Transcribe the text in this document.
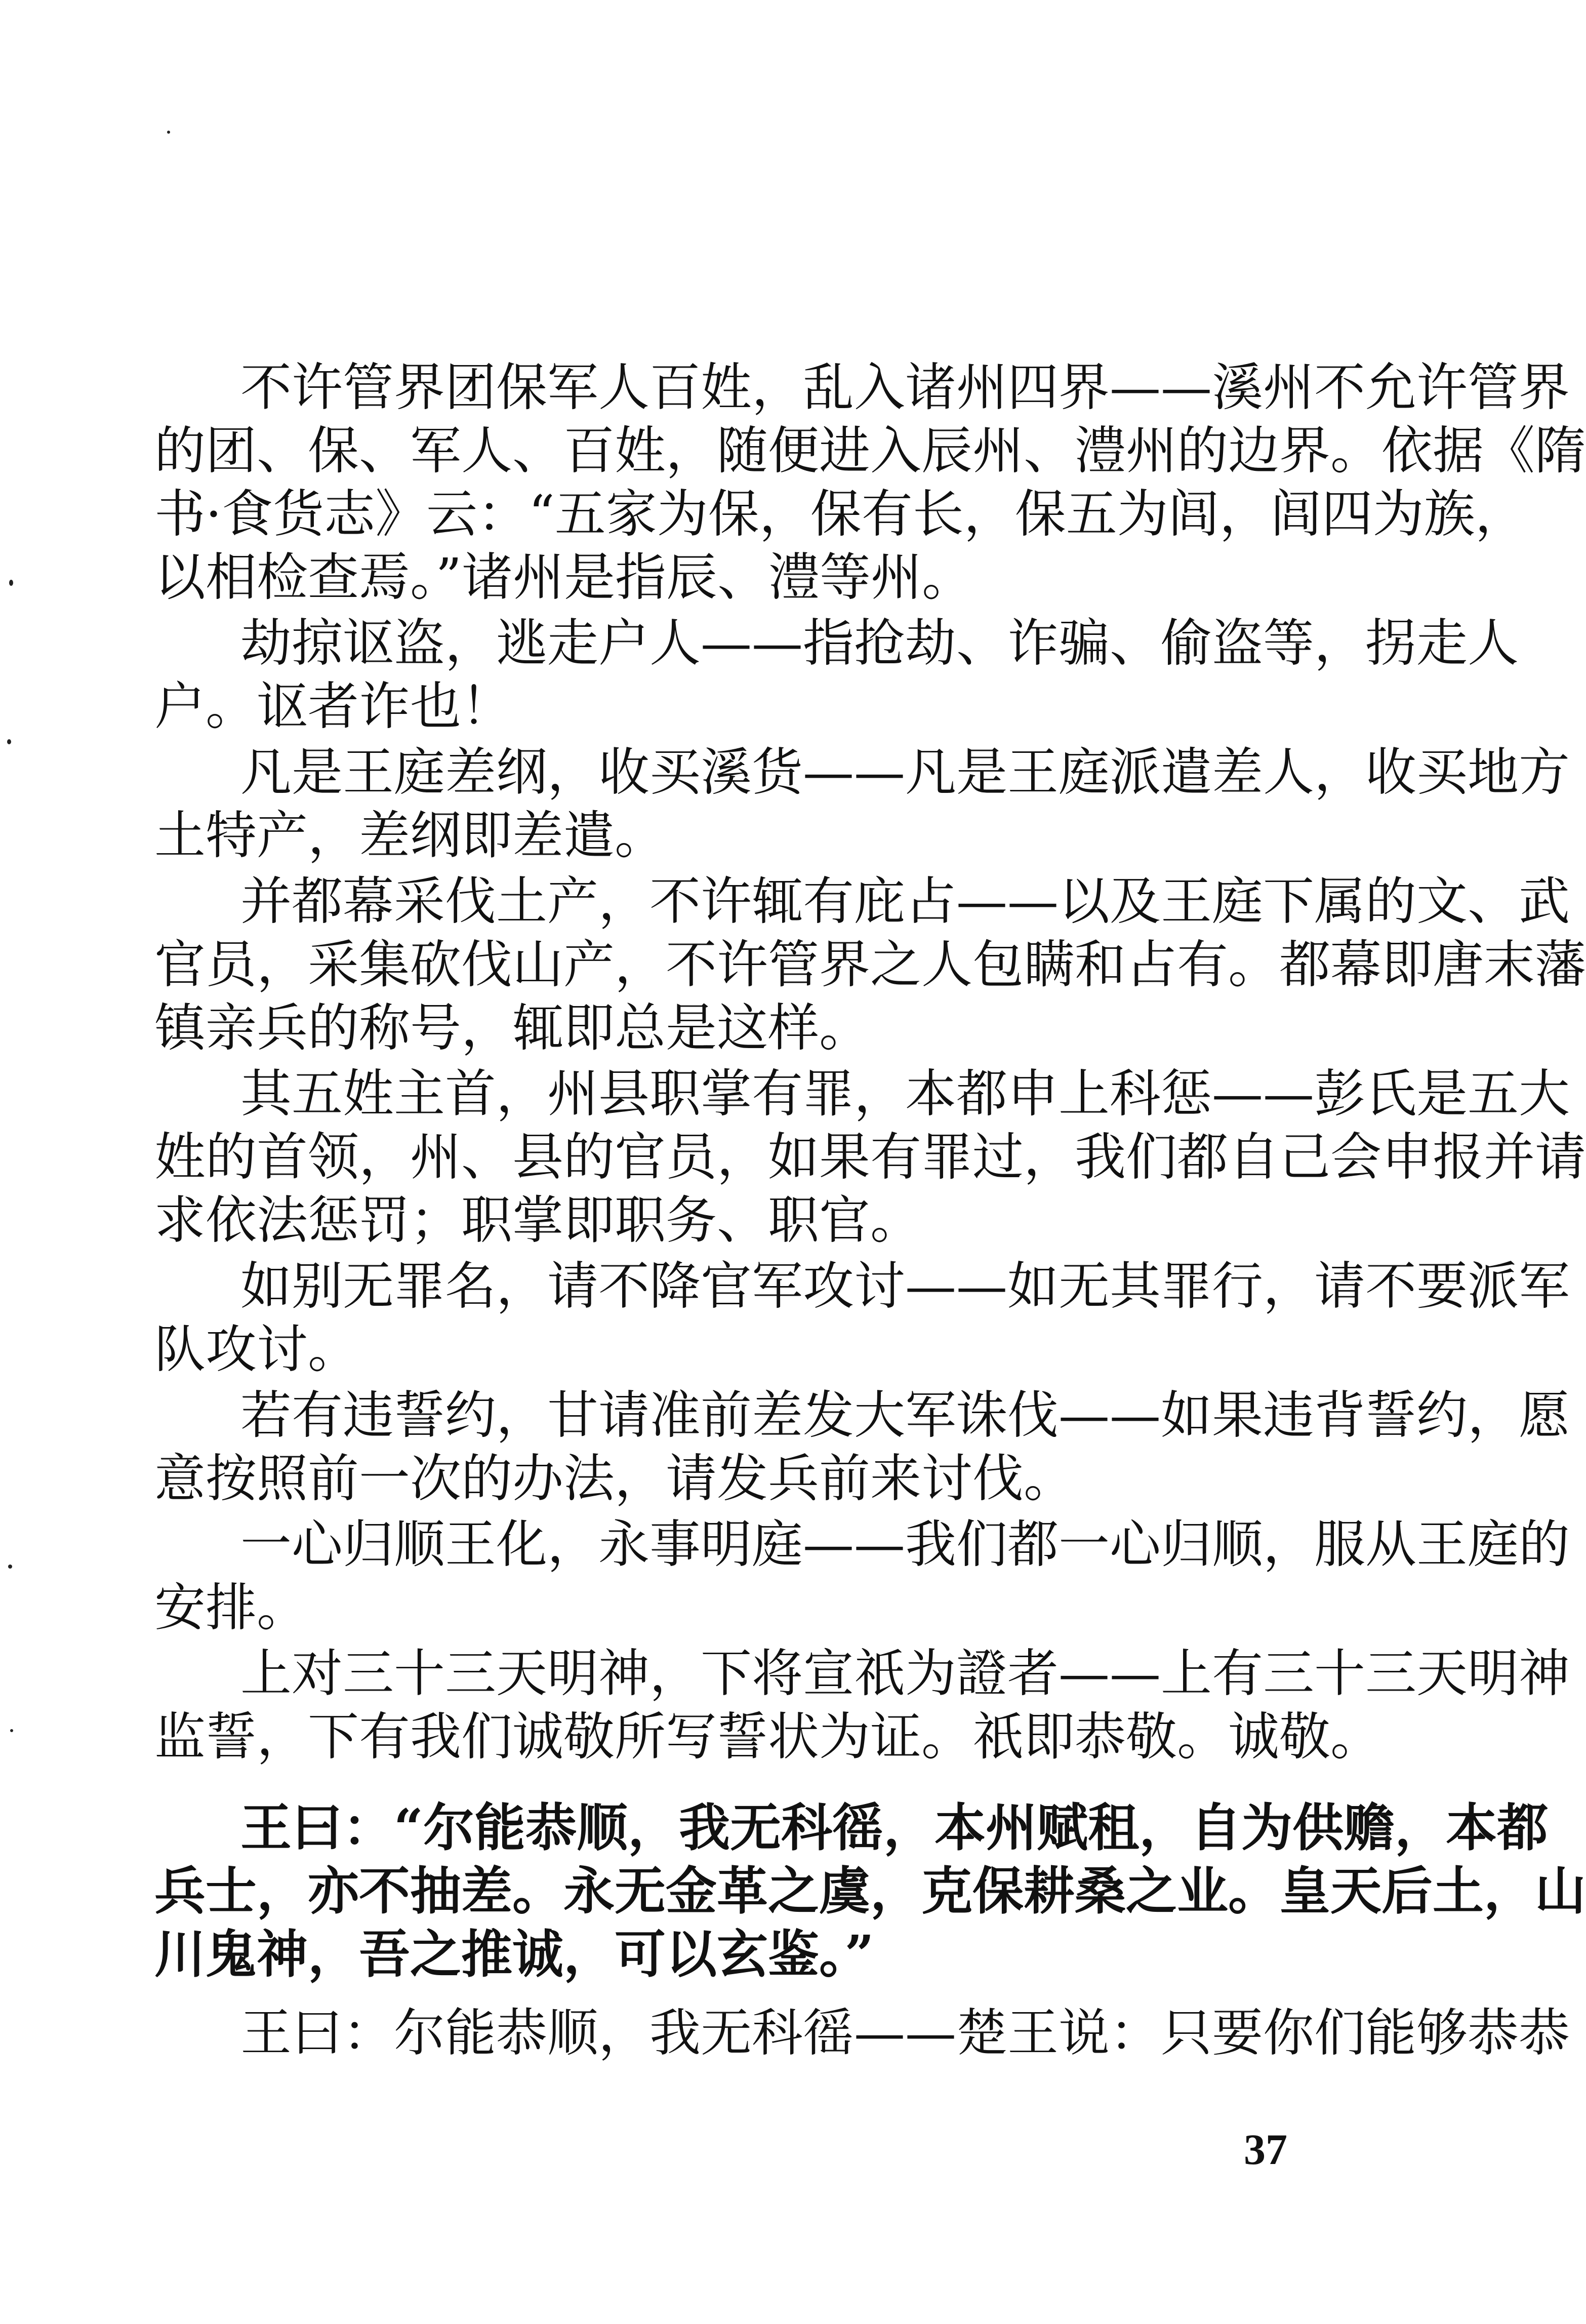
不许管界团保军人百姓，乱入诸州四界——溪州不允许管界
的团、保、军人、百姓，随便进入辰州、澧州的边界。依据《隋
书·食货志》云：“五家为保，保有长，保五为闾，闾四为族，
以相检查焉。”诸州是指辰、澧等州。
劫掠讴盗，逃走户人——指抢劫、诈骗、偷盗等，拐走人
户。讴者诈也！
凡是王庭差纲，收买溪货——凡是王庭派遣差人，收买地方
土特产，差纲即差遣。
并都幕采伐土产，不许辄有庇占——以及王庭下属的文、武
官员，采集砍伐山产，不许管界之人包瞒和占有。都幕即唐末藩
镇亲兵的称号，辄即总是这样。
其五姓主首，州县职掌有罪，本都申上科惩——彭氏是五大
姓的首领，州、县的官员，如果有罪过，我们都自己会申报并请
求依法惩罚；职掌即职务、职官。
如别无罪名，请不降官军攻讨——如无其罪行，请不要派军
队攻讨。
若有违誓约，甘请准前差发大军诛伐——如果违背誓约，愿
意按照前一次的办法，请发兵前来讨伐。
一心归顺王化，永事明庭——我们都一心归顺，服从王庭的
安排。
上对三十三天明神，下将宣祇为證者——上有三十三天明神
监誓，下有我们诚敬所写誓状为证。祇即恭敬。诚敬。
王曰：“尔能恭顺，我无科徭，本州赋租，自为供赡，本都
兵士，亦不抽差。永无金革之虞，克保耕桑之业。皇天后土，山
川鬼神，吾之推诚，可以玄鉴。”
王曰：尔能恭顺，我无科徭——楚王说：只要你们能够恭恭
37
